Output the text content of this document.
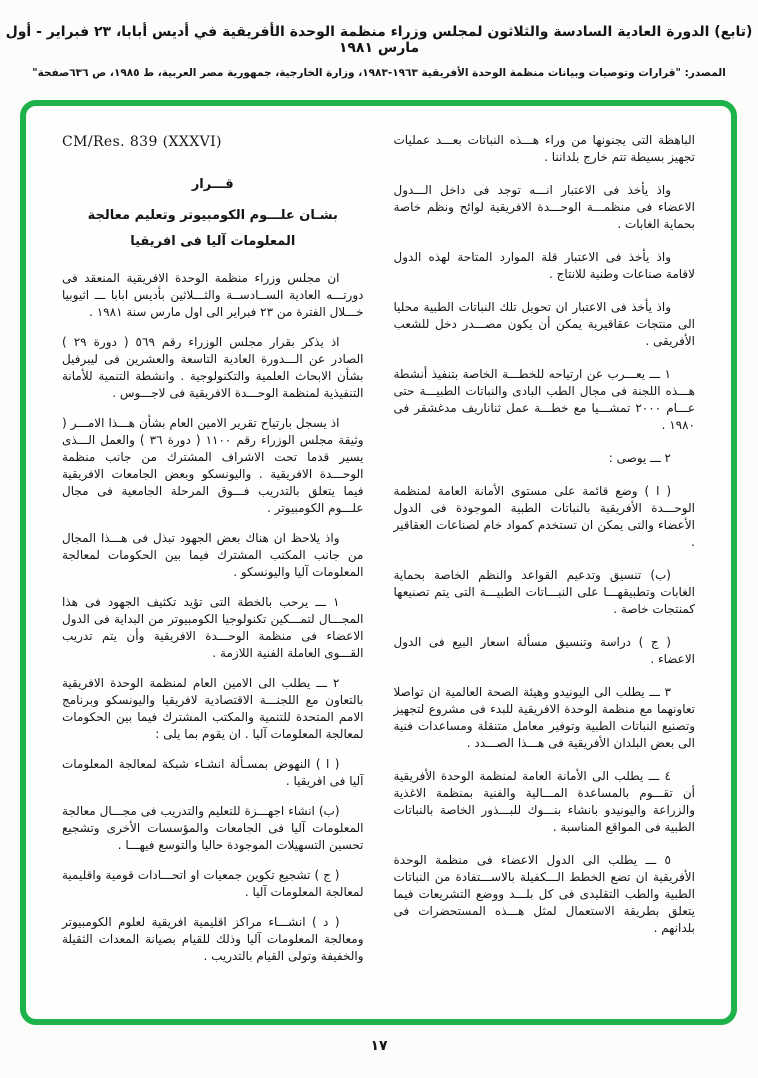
(تابع) الدورة العادية السادسة والثلاثون لمجلس وزراء منظمة الوحدة الأفريقية في أديس أبابا، ٢٣ فبراير - أول مارس ١٩٨١
المصدر: "قرارات وتوصيات وبيانات منظمة الوحدة الأفريقية ١٩٦٣-١٩٨٣، وزارة الخارجية، جمهورية مصر العربية، ط ١٩٨٥، ص ٦٣٦صفحة"
CM/Res. 839 (XXXVI)
قـــرار
بشـان علـــوم الكومبيوتر وتعليم معالجة
المعلومات آليا فى افريقيا

ان مجلس وزراء منظمة الوحدة الافريقية المنعقد فى دورتـــه العادية الســادســة والثـــلاثين بأديس ابابا ـــ اثيوبيا خـــلال الفترة من ٢٣ فبراير الى اول مارس سنة ١٩٨١ .

اذ يذكر بقرار مجلس الوزراء رقم ٥٦٩ ( دورة ٢٩ ) الصادر عن الـــدورة العادية التاسعة والعشرين فى ليبرفيل بشأن الابحاث العلمية والتكنولوجية . وانشطة التنمية للأمانة التنفيذية لمنظمة الوحـــدة الافريقية فى لاجـــوس .

اذ يسجل بارتياح تقرير الامين العام بشأن هـــذا الامـــر ( وثيقة مجلس الوزراء رقم ١١٠٠ ( دورة ٣٦ ) والعمل الـــذى يسير قدما تحت الاشراف المشترك من جانب منظمة الوحـــدة الافريقية . واليونسكو وبعض الجامعات الافريقية فيما يتعلق بالتدريب فـــوق المرحلة الجامعية فى مجال علـــوم الكومبيوتر .

واذ يلاحظ ان هناك بعض الجهود تبذل فى هـــذا المجال من جانب المكتب المشترك فيما بين الحكومات لمعالجة المعلومات آليا واليونسكو .

١ ـــ يرحب بالخطة التى تؤيد تكثيف الجهود فى هذا المجـــال لتمـــكين تكنولوجيا الكومبيوتر من البداية فى الدول الاعضاء فى منظمة الوحـــدة الافريقية وأن يتم تدريب القـــوى العاملة الفنية اللازمة .

٢ ـــ يطلب الى الامين العام لمنظمة الوحدة الافريقية بالتعاون مع اللجنـــة الاقتصادية لافريقيا واليونسكو وبرنامج الامم المتحدة للتنمية والمكتب المشترك فيما بين الحكومات لمعالجة المعلومات آليا . ان يقوم بما يلى :

( ا ) النهوض بمسـألة انشـاء شبكة لمعالجة المعلومات آليا فى افريقيا .

(ب) انشاء اجهـــزة للتعليم والتدريب فى مجـــال معالجة المعلومات آليا فى الجامعات والمؤسسات الأخرى وتشجيع تحسين التسهيلات الموجودة حاليا والتوسع فيهـــا .

( ج ) تشجيع تكوين جمعيات او اتحـــادات قومية واقليمية لمعالجة المعلومات آليا .

( د ) انشـــاء مراكز اقليمية افريقية لعلوم الكومبيوتر ومعالجة المعلومات آليا وذلك للقيام بصيانة المعدات الثقيلة والخفيفة وتولى القيام بالتدريب .

الباهظة التى يجنونها من وراء هـــذه النباتات بعـــد عمليات تجهيز بسيطة تتم خارج بلداننا .

واذ يأخذ فى الاعتبار انـــه توجد فى داخل الـــدول الاعضاء فى منظمـــة الوحـــدة الافريقية لوائح ونظم خاصة بحماية الغابات .

واذ يأخذ فى الاعتبار قلة الموارد المتاحة لهذه الدول لاقامة صناعات وطنية للانتاج .

واذ يأخذ فى الاعتبار ان تحويل تلك النباتات الطبية محليا الى منتجات عقاقيرية يمكن أن يكون مصـــدر دخل للشعب الأفريقى .

١ ـــ يعـــرب عن ارتياحه للخطـــة الخاصة بتنفيذ أنشطة هـــذه اللجنة فى مجال الطب البادى والنباتات الطبيـــة حتى عـــام ٢٠٠٠ تمشـــيا مع خطـــة عمل ثناناريف مدغشقر فى ١٩٨٠ .

٢ ـــ يوصى :

( ا ) وضع قائمة على مستوى الأمانة العامة لمنظمة الوحـــدة الأفريقية بالنباتات الطبية الموجودة فى الدول الأعضاء والتى يمكن ان تستخدم كمواد خام لصناعات العقاقير .

(ب) تنسيق وتدعيم القواعد والنظم الخاصة بحماية الغابات وتطبيقهـــا على النبـــاتات الطبيـــة التى يتم تصنيعها كمنتجات خاصة .

( ج ) دراسة وتنسيق مسألة اسعار البيع فى الدول الاعضاء .

٣ ـــ يطلب الى اليونيدو وهيئة الصحة العالمية ان تواصلا تعاونهما مع منظمة الوحدة الافريقية للبدء فى مشروع لتجهيز وتصنيع النباتات الطبية وتوفير معامل متنقلة ومساعدات فنية الى بعض البلدان الأفريقية فى هـــذا الصـــدد .

٤ ـــ يطلب الى الأمانة العامة لمنظمة الوحدة الأفريقية أن تقـــوم بالمساعدة المـــالية والفنية بمنظمة الاغذية والزراعة واليونيدو بانشاء بنـــوك للبـــذور الخاصة بالنباتات الطبية فى المواقع المناسبة .

٥ ـــ يطلب الى الدول الاعضاء فى منظمة الوحدة الأفريقية ان تضع الخطط الـــكفيلة بالاســـتفادة من النباتات الطبية والطب التقليدى فى كل بلـــد ووضع التشريعات فيما يتعلق بطريقة الاستعمال لمثل هـــذه المستحضرات فى بلدانهم .

١٧
